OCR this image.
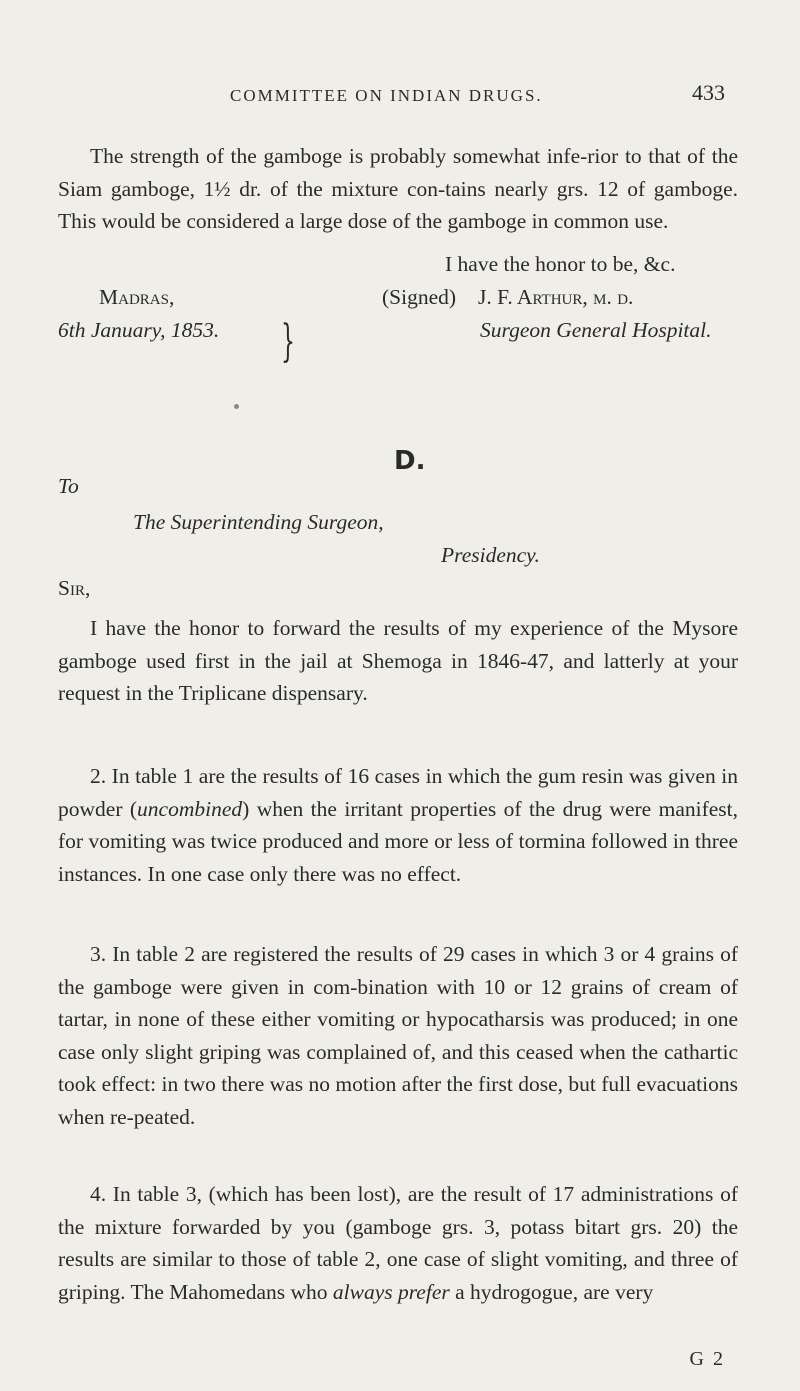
COMMITTEE ON INDIAN DRUGS.	433

The strength of the gamboge is probably somewhat infe-rior to that of the Siam gamboge, 1½ dr. of the mixture con-tains nearly grs. 12 of gamboge. This would be considered a large dose of the gamboge in common use.

I have the honor to be, &c.
Madras,
6th January, 1853. }
(Signed) J. F. Arthur, m. d.
Surgeon General Hospital.
D.
To
The Superintending Surgeon,
Presidency.
Sir,

I have the honor to forward the results of my experience of the Mysore gamboge used first in the jail at Shemoga in 1846-47, and latterly at your request in the Triplicane dispensary.

2. In table 1 are the results of 16 cases in which the gum resin was given in powder (uncombined) when the irritant properties of the drug were manifest, for vomiting was twice produced and more or less of tormina followed in three instances. In one case only there was no effect.

3. In table 2 are registered the results of 29 cases in which 3 or 4 grains of the gamboge were given in com-bination with 10 or 12 grains of cream of tartar, in none of these either vomiting or hypocatharsis was produced; in one case only slight griping was complained of, and this ceased when the cathartic took effect: in two there was no motion after the first dose, but full evacuations when re-peated.

4. In table 3, (which has been lost), are the result of 17 administrations of the mixture forwarded by you (gamboge grs. 3, potass bitart grs. 20) the results are similar to those of table 2, one case of slight vomiting, and three of griping. The Mahomedans who always prefer a hydrogogue, are very

G 2
